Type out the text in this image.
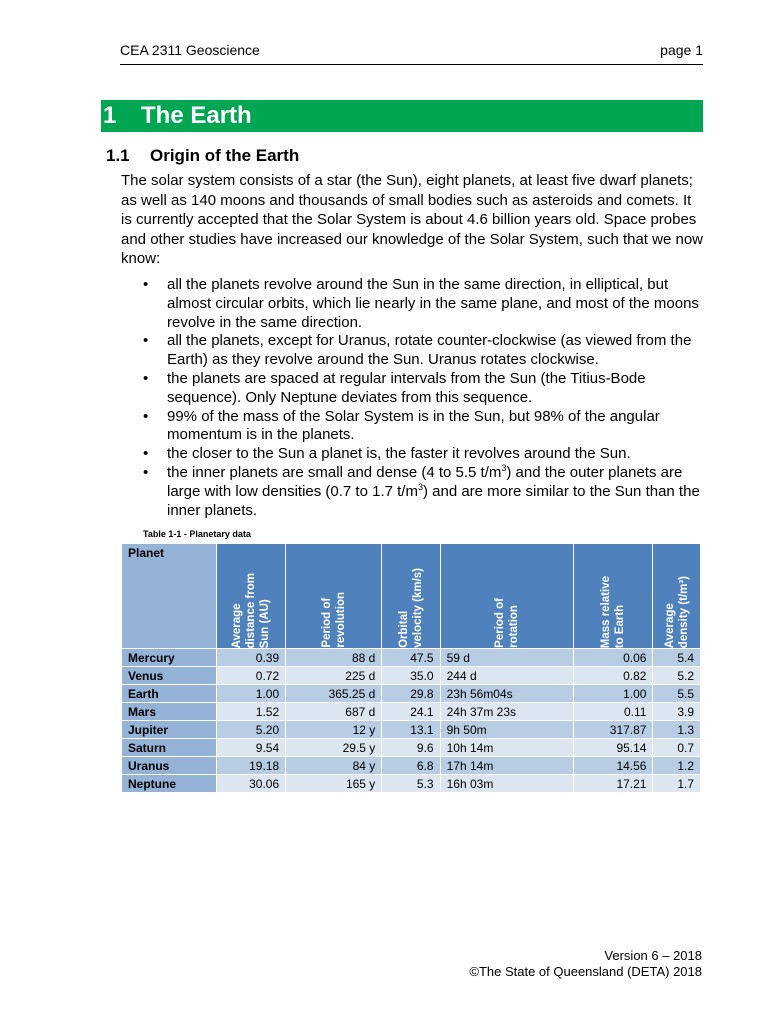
CEA 2311 Geoscience	page 1
1	The Earth
1.1	Origin of the Earth

The solar system consists of a star (the Sun), eight planets, at least five dwarf planets; as well as 140 moons and thousands of small bodies such as asteroids and comets. It is currently accepted that the Solar System is about 4.6 billion years old. Space probes and other studies have increased our knowledge of the Solar System, such that we now know:

• all the planets revolve around the Sun in the same direction, in elliptical, but almost circular orbits, which lie nearly in the same plane, and most of the moons revolve in the same direction.
• all the planets, except for Uranus, rotate counter-clockwise (as viewed from the Earth) as they revolve around the Sun. Uranus rotates clockwise.
• the planets are spaced at regular intervals from the Sun (the Titius-Bode sequence). Only Neptune deviates from this sequence.
• 99% of the mass of the Solar System is in the Sun, but 98% of the angular momentum is in the planets.
• the closer to the Sun a planet is, the faster it revolves around the Sun.
• the inner planets are small and dense (4 to 5.5 $t/m^3$) and the outer planets are large with low densities (0.7 to 1.7 $t/m^3$) and are more similar to the Sun than the inner planets.
Table 1-1 - Planetary data
Planet	Average
distance from
Sun (AU)	Period of
revolution	Orbital
velocity (km/s)	Period of
rotation	Mass relative
to Earth	Average
density (t/m³)

Mercury	0.39	88 d	47.5	59 d	0.06	5.4
Venus	0.72	225 d	35.0	244 d	0.82	5.2
Earth	1.00	365.25 d	29.8	23h 56m04s	1.00	5.5
Mars	1.52	687 d	24.1	24h 37m 23s	0.11	3.9
Jupiter	5.20	12 y	13.1	9h 50m	317.87	1.3
Saturn	9.54	29.5 y	9.6	10h 14m	95.14	0.7
Uranus	19.18	84 y	6.8	17h 14m	14.56	1.2
Neptune	30.06	165 y	5.3	16h 03m	17.21	1.7
Version 6 – 2018
©The State of Queensland (DETA) 2018
